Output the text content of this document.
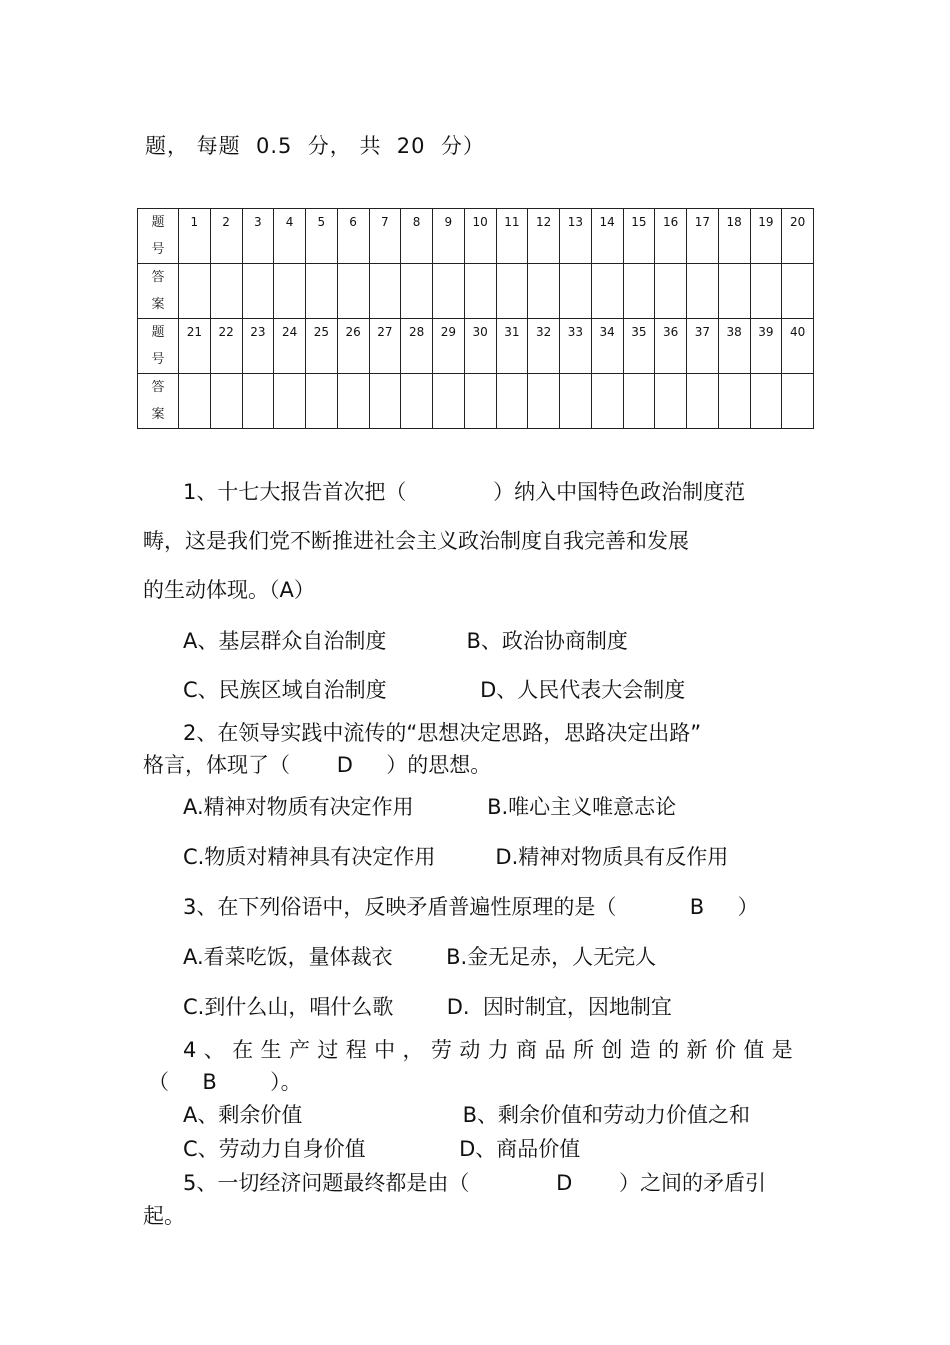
题， 每题  0.5  分， 共  20  分）
题
号	1	2	3	4	5	6	7	8	9	10	11	12	13	14	15	16	17	18	19	20

答
案																				
题
号	21	22	23	24	25	26	27	28	29	30	31	32	33	34	35	36	37	38	39	40

答
案																				
1、十七大报告首次把（             ）纳入中国特色政治制度范
畴，这是我们党不断推进社会主义政治制度自我完善和发展
的生动体现。（A）
A、基层群众自治制度            B、政治协商制度
C、民族区域自治制度              D、人民代表大会制度
2、在领导实践中流传的“思想决定思路，思路决定出路”
格言，体现了（       D     ）的思想。
A.精神对物质有决定作用           B.唯心主义唯意志论
C.物质对精神具有决定作用         D.精神对物质具有反作用
3、在下列俗语中，反映矛盾普遍性原理的是（           B     ）
A.看菜吃饭，量体裁衣        B.金无足赤，人无完人
C.到什么山，唱什么歌        D.  因时制宜，因地制宜
4、在生产过程中，劳动力商品所创造的新价值是
（     B        ）。
A、剩余价值                        B、剩余价值和劳动力价值之和
C、劳动力自身价值              D、商品价值
5、一切经济问题最终都是由（             D       ）之间的矛盾引
起。
